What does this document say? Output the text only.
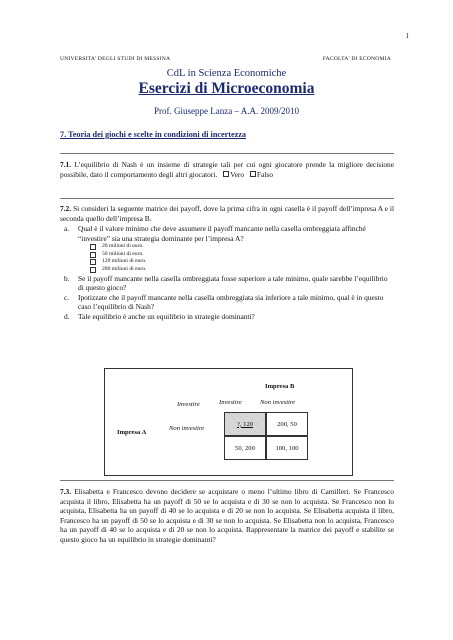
1
UNIVERSITA' DEGLI STUDI DI MESSINA	FACOLTA' DI ECONOMIA
CdL in Scienza Economiche
Esercizi di Microeconomia
Prof. Giuseppe Lanza – A.A. 2009/2010
7. Teoria dei giochi e scelte in condizioni di incertezza
7.1. L’equilibrio di Nash è un insieme di strategie tali per cui ogni giocatore prende la migliore decisione possibile, dato il comportamento degli altri giocatori. Vero Falso
7.2. Si consideri la seguente matrice dei payoff, dove la prima cifra in ogni casella è il payoff dell’impresa A e il seconda quello dell’impresa B.
a.	Qual è il valore minimo che deve assumere il payoff mancante nella casella ombreggiata affinché “investire” sia una strategia dominante per l’impresa A?
20 milioni di euro.
50 milioni di euro.
120 milioni di euro.
200 milioni di euro.
b.	Se il payoff mancante nella casella ombreggiata fosse superiore a tale minimo, quale sarebbe l’equilibrio di questo gioco?
c.	Ipotizzate che il payoff mancante nella casella ombreggiata sia inferiore a tale minimo, qual è in questo caso l’equilibrio di Nash?
d.	Tale equilibrio è anche un equilibrio in strategie dominanti?
Impresa B
Impresa A
Investire	Non investire
Investire
Non investire
?, 120	200, 50
50, 200	100, 100
7.3. Elisabetta e Francesco devono decidere se acquistare o meno l’ultimo libro di Camilleri. Se Francesco acquista il libro, Elisabetta ha un payoff di 50 se lo acquista e di 30 se non lo acquista. Se Francesco non lo acquista, Elisabetta ha un payoff di 40 se lo acquista e di 20 se non lo acquista. Se Elisabetta acquista il libro, Francesco ha un payoff di 50 se lo acquista e di 30 se non lo acquista. Se Elisabetta non lo acquista, Francesco ha un payoff di 40 se lo acquista e di 20 se non lo acquista. Rappresentate la matrice dei payoff e stabilite se questo gioco ha un equilibrio in strategie dominanti?
